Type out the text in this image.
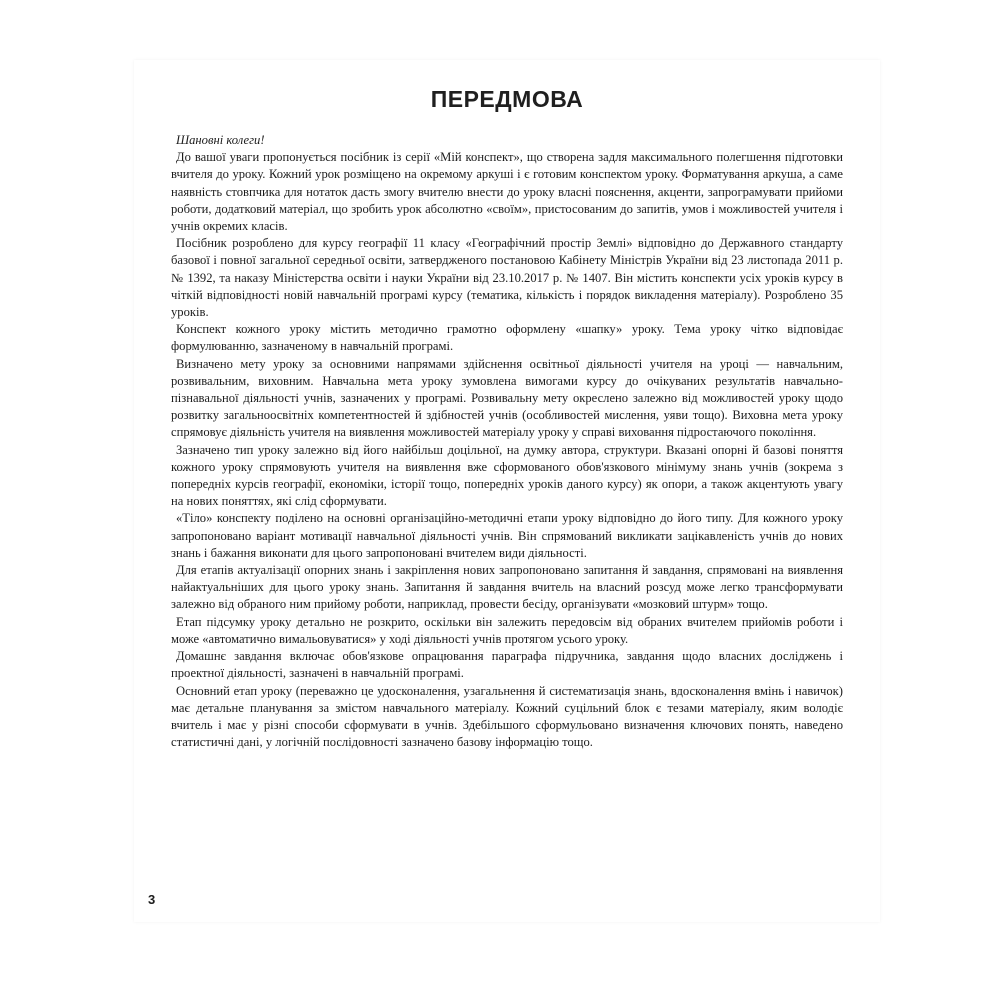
ПЕРЕДМОВА

Шановні колеги!

До вашої уваги пропонується посібник із серії «Мій конспект», що створена задля максимального полегшення підготовки вчителя до уроку. Кожний урок розміщено на окремому аркуші і є готовим конспектом уроку. Форматування аркуша, а саме наявність стовпчика для нотаток дасть змогу вчителю внести до уроку власні пояснення, акценти, запрограмувати прийоми роботи, додатковий матеріал, що зробить урок абсолютно «своїм», пристосованим до запитів, умов і можливостей учителя і учнів окремих класів.

Посібник розроблено для курсу географії 11 класу «Географічний простір Землі» відповідно до Державного стандарту базової і повної загальної середньої освіти, затвердженого постановою Кабінету Міністрів України від 23 листопада 2011 р. № 1392, та наказу Міністерства освіти і науки України від 23.10.2017 р. № 1407. Він містить конспекти усіх уроків курсу в чіткій відповідності новій навчальній програмі курсу (тематика, кількість і порядок викладення матеріалу). Розроблено 35 уроків.

Конспект кожного уроку містить методично грамотно оформлену «шапку» уроку. Тема уроку чітко відповідає формулюванню, зазначеному в навчальній програмі.

Визначено мету уроку за основними напрямами здійснення освітньої діяльності учителя на уроці — навчальним, розвивальним, виховним. Навчальна мета уроку зумовлена вимогами курсу до очікуваних результатів навчально-пізнавальної діяльності учнів, зазначених у програмі. Розвивальну мету окреслено залежно від можливостей уроку щодо розвитку загальноосвітніх компетентностей й здібностей учнів (особливостей мислення, уяви тощо). Виховна мета уроку спрямовує діяльність учителя на виявлення можливостей матеріалу уроку у справі виховання підростаючого покоління.

Зазначено тип уроку залежно від його найбільш доцільної, на думку автора, структури. Вказані опорні й базові поняття кожного уроку спрямовують учителя на виявлення вже сформованого обов'язкового мінімуму знань учнів (зокрема з попередніх курсів географії, економіки, історії тощо, попередніх уроків даного курсу) як опори, а також акцентують увагу на нових поняттях, які слід сформувати.

«Тіло» конспекту поділено на основні організаційно-методичні етапи уроку відповідно до його типу. Для кожного уроку запропоновано варіант мотивації навчальної діяльності учнів. Він спрямований викликати зацікавленість учнів до нових знань і бажання виконати для цього запропоновані вчителем види діяльності.

Для етапів актуалізації опорних знань і закріплення нових запропоновано запитання й завдання, спрямовані на виявлення найактуальніших для цього уроку знань. Запитання й завдання вчитель на власний розсуд може легко трансформувати залежно від обраного ним прийому роботи, наприклад, провести бесіду, організувати «мозковий штурм» тощо.

Етап підсумку уроку детально не розкрито, оскільки він залежить передовсім від обраних вчителем прийомів роботи і може «автоматично вимальовуватися» у ході діяльності учнів протягом усього уроку.

Домашнє завдання включає обов'язкове опрацювання параграфа підручника, завдання щодо власних досліджень і проектної діяльності, зазначені в навчальній програмі.

Основний етап уроку (переважно це удосконалення, узагальнення й систематизація знань, вдосконалення вмінь і навичок) має детальне планування за змістом навчального матеріалу. Кожний суцільний блок є тезами матеріалу, яким володіє вчитель і має у різні способи сформувати в учнів. Здебільшого сформульовано визначення ключових понять, наведено статистичні дані, у логічній послідовності зазначено базову інформацію тощо.

3
